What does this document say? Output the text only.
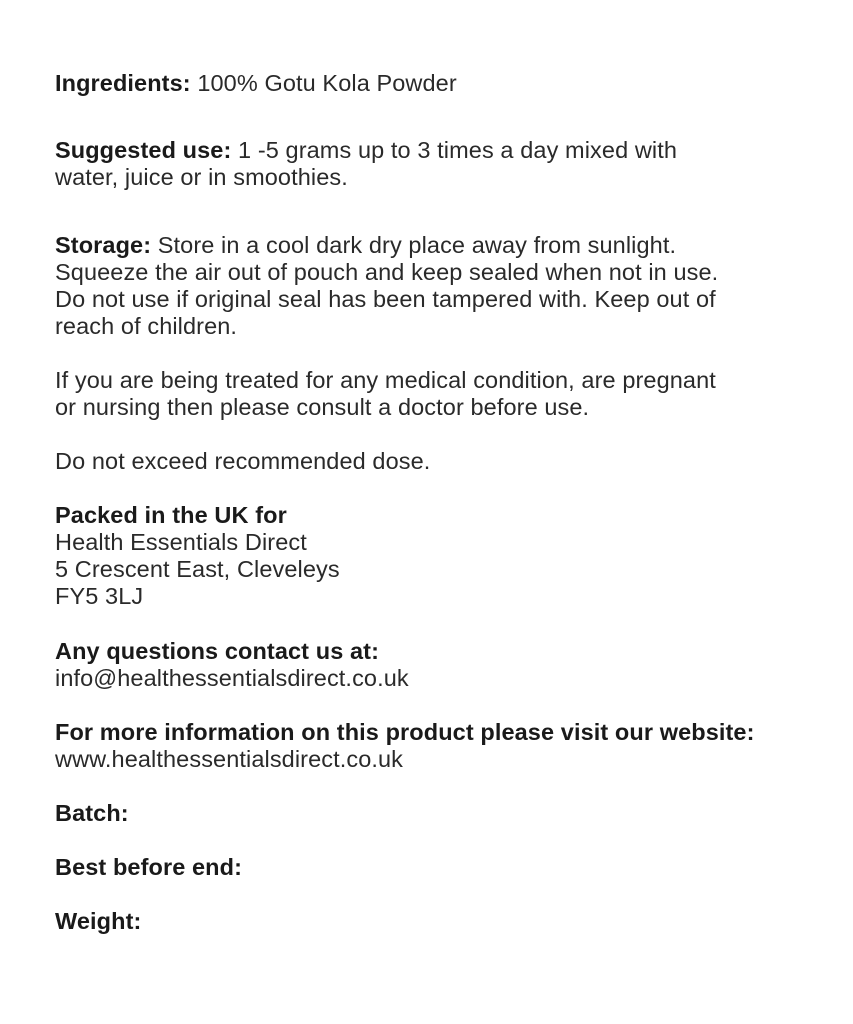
Ingredients: 100% Gotu Kola Powder

Suggested use: 1 -5 grams up to 3 times a day mixed with
water, juice or in smoothies.

Storage: Store in a cool dark dry place away from sunlight.
Squeeze the air out of pouch and keep sealed when not in use.
Do not use if original seal has been tampered with. Keep out of
reach of children.

If you are being treated for any medical condition, are pregnant
or nursing then please consult a doctor before use.

Do not exceed recommended dose.

Packed in the UK for
Health Essentials Direct
5 Crescent East, Cleveleys
FY5 3LJ

Any questions contact us at:
info@healthessentialsdirect.co.uk

For more information on this product please visit our website:
www.healthessentialsdirect.co.uk

Batch:

Best before end:

Weight:
